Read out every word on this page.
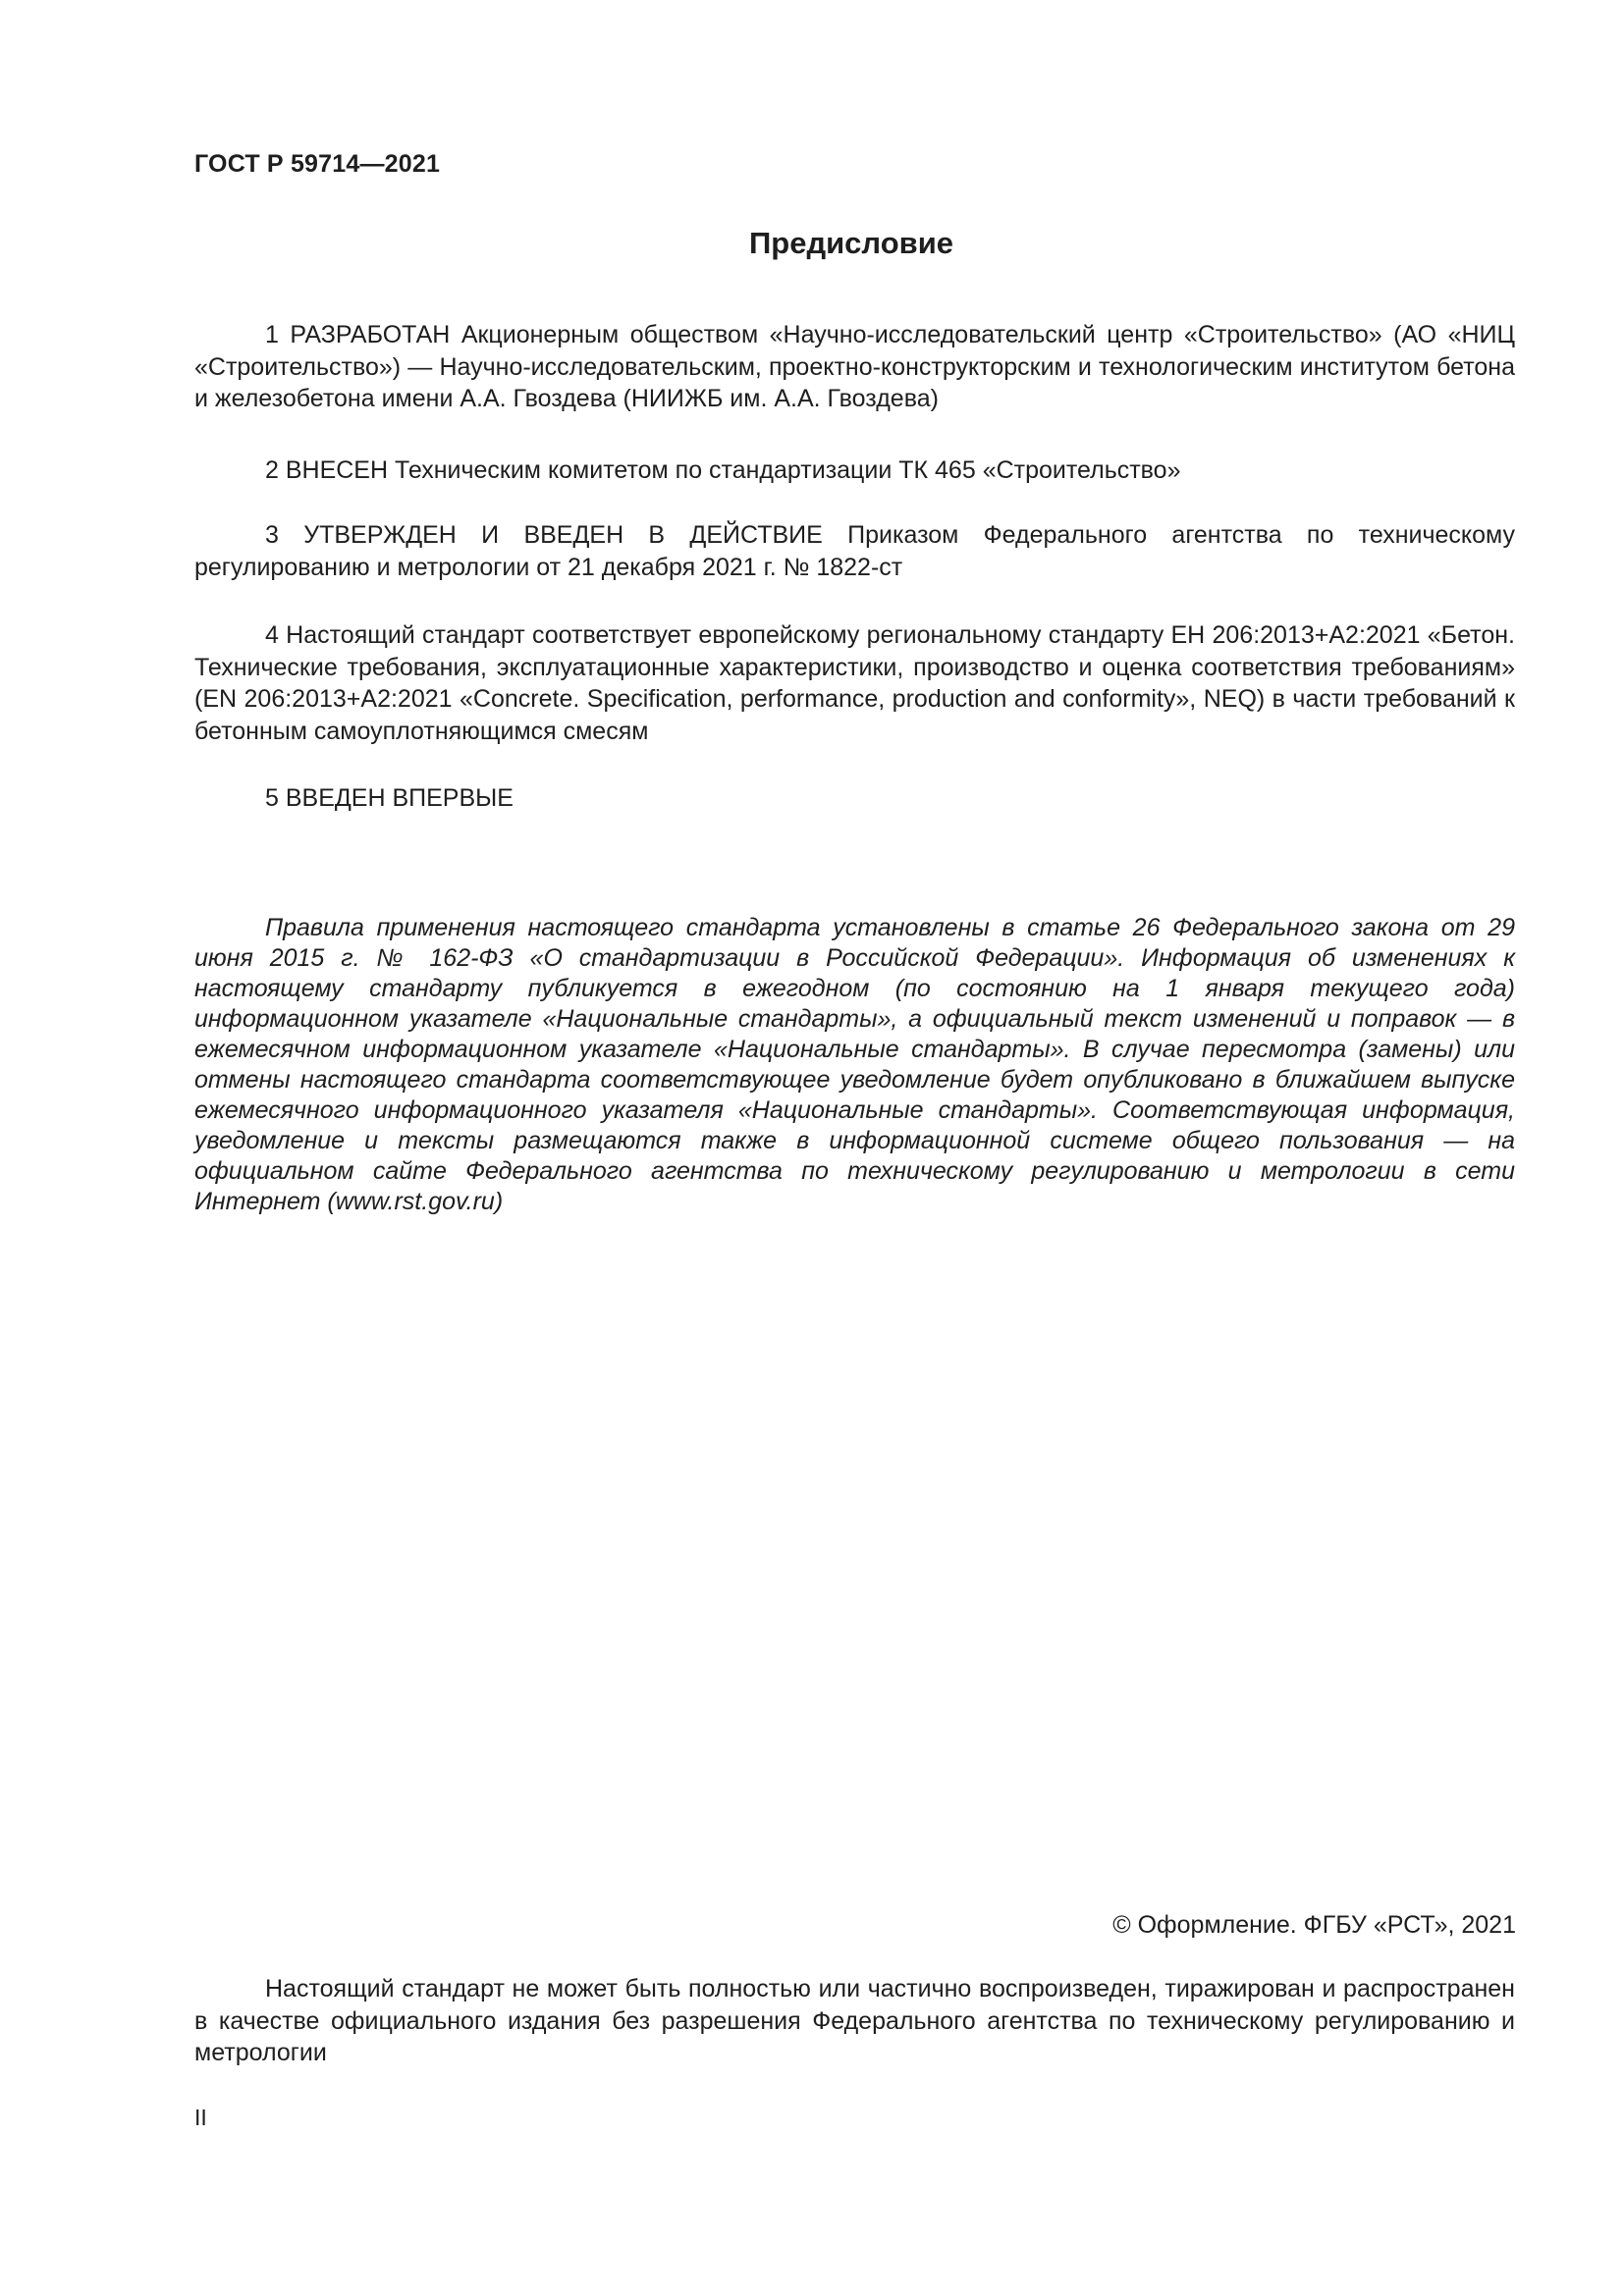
ГОСТ Р 59714—2021
Предисловие

1 РАЗРАБОТАН Акционерным обществом «Научно-исследовательский центр «Строительство» (АО «НИЦ «Строительство») — Научно-исследовательским, проектно-конструкторским и технологическим институтом бетона и железобетона имени А.А. Гвоздева (НИИЖБ им. А.А. Гвоздева)

2 ВНЕСЕН Техническим комитетом по стандартизации ТК 465 «Строительство»

3 УТВЕРЖДЕН И ВВЕДЕН В ДЕЙСТВИЕ Приказом Федерального агентства по техническому регулированию и метрологии от 21 декабря 2021 г. № 1822-ст

4 Настоящий стандарт соответствует европейскому региональному стандарту ЕН 206:2013+А2:2021 «Бетон. Технические требования, эксплуатационные характеристики, производство и оценка соответствия требованиям» (EN 206:2013+A2:2021 «Concrete. Specification, performance, production and conformity», NEQ) в части требований к бетонным самоуплотняющимся смесям

5 ВВЕДЕН ВПЕРВЫЕ

Правила применения настоящего стандарта установлены в статье 26 Федерального закона от 29 июня 2015 г. № 162-ФЗ «О стандартизации в Российской Федерации». Информация об изменениях к настоящему стандарту публикуется в ежегодном (по состоянию на 1 января текущего года) информационном указателе «Национальные стандарты», а официальный текст изменений и поправок — в ежемесячном информационном указателе «Национальные стандарты». В случае пересмотра (замены) или отмены настоящего стандарта соответствующее уведомление будет опубликовано в ближайшем выпуске ежемесячного информационного указателя «Национальные стандарты». Соответствующая информация, уведомление и тексты размещаются также в информационной системе общего пользования — на официальном сайте Федерального агентства по техническому регулированию и метрологии в сети Интернет (www.rst.gov.ru)

© Оформление. ФГБУ «РСТ», 2021

Настоящий стандарт не может быть полностью или частично воспроизведен, тиражирован и распространен в качестве официального издания без разрешения Федерального агентства по техническому регулированию и метрологии

II
